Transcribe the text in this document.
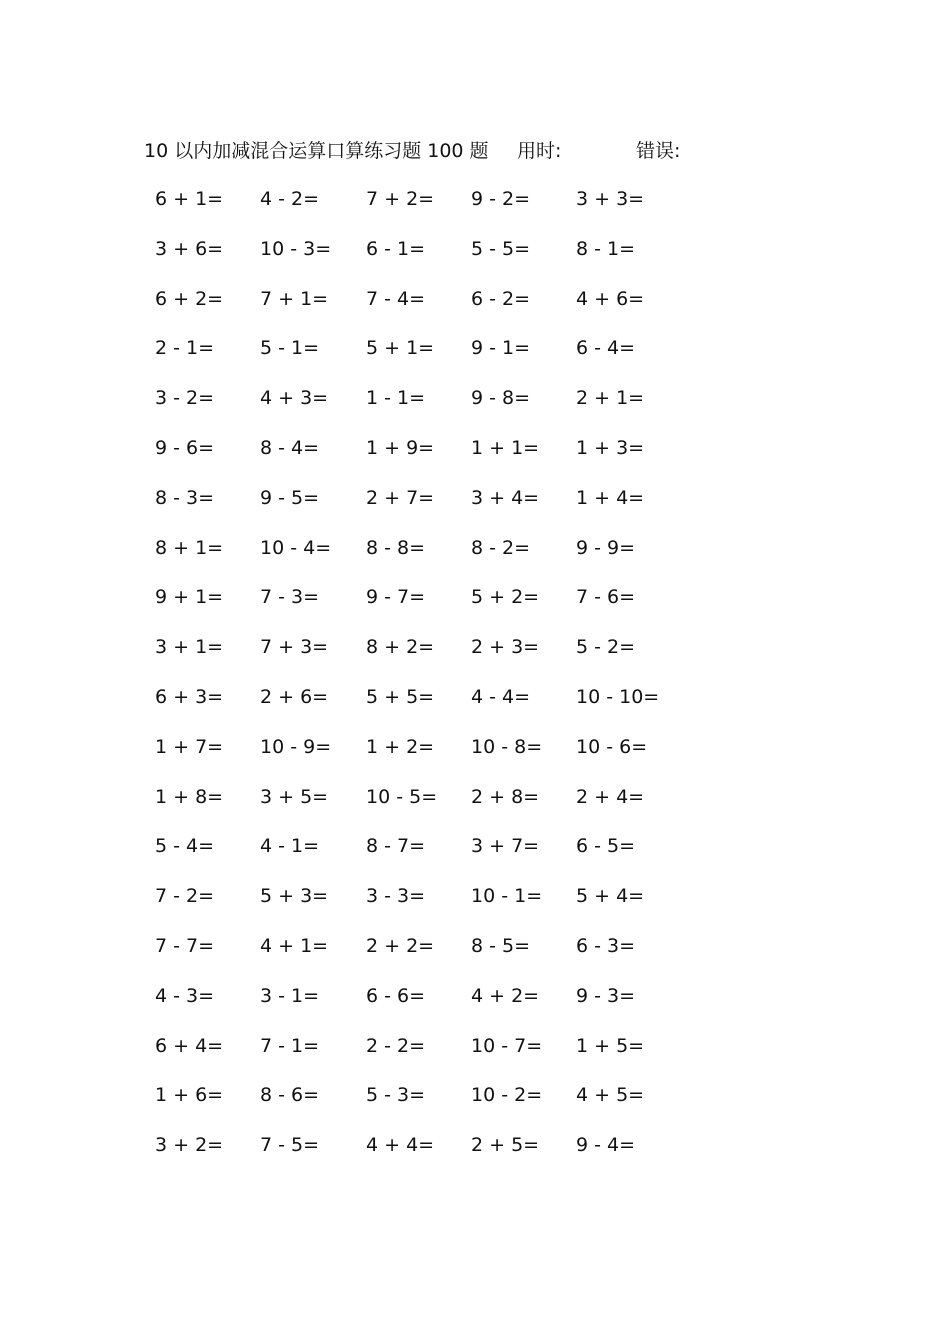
10 以内加减混合运算口算练习题 100 题 用时:	错误:
6 + 1= 4 - 2= 7 + 2= 9 - 2= 3 + 3=
3 + 6= 10 - 3= 6 - 1= 5 - 5= 8 - 1=
6 + 2= 7 + 1= 7 - 4= 6 - 2= 4 + 6=
2 - 1= 5 - 1= 5 + 1= 9 - 1= 6 - 4=
3 - 2= 4 + 3= 1 - 1= 9 - 8= 2 + 1=
9 - 6= 8 - 4= 1 + 9= 1 + 1= 1 + 3=
8 - 3= 9 - 5= 2 + 7= 3 + 4= 1 + 4=
8 + 1= 10 - 4= 8 - 8= 8 - 2= 9 - 9=
9 + 1= 7 - 3= 9 - 7= 5 + 2= 7 - 6=
3 + 1= 7 + 3= 8 + 2= 2 + 3= 5 - 2=
6 + 3= 2 + 6= 5 + 5= 4 - 4= 10 - 10=
1 + 7= 10 - 9= 1 + 2= 10 - 8= 10 - 6=
1 + 8= 3 + 5= 10 - 5= 2 + 8= 2 + 4=
5 - 4= 4 - 1= 8 - 7= 3 + 7= 6 - 5=
7 - 2= 5 + 3= 3 - 3= 10 - 1= 5 + 4=
7 - 7= 4 + 1= 2 + 2= 8 - 5= 6 - 3=
4 - 3= 3 - 1= 6 - 6= 4 + 2= 9 - 3=
6 + 4= 7 - 1= 2 - 2= 10 - 7= 1 + 5=
1 + 6= 8 - 6= 5 - 3= 10 - 2= 4 + 5=
3 + 2= 7 - 5= 4 + 4= 2 + 5= 9 - 4=
